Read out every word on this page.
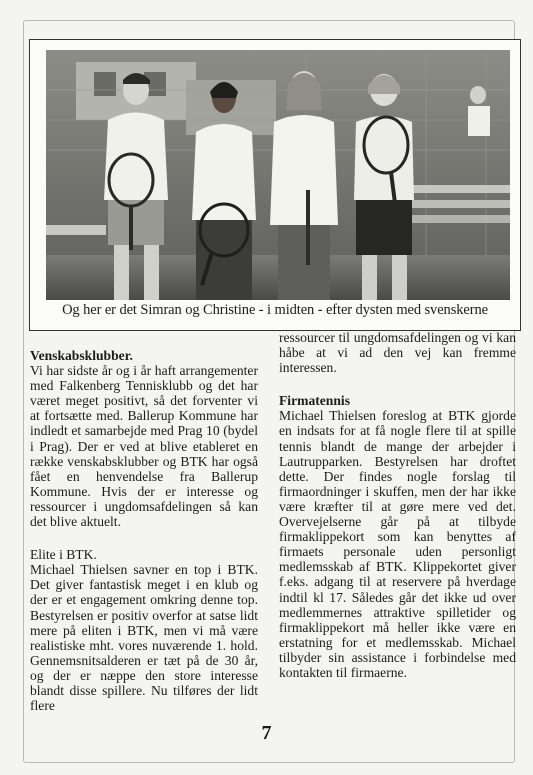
Og her er det Simran og Christine - i midten - efter dysten med svenskerne

Venskabsklubber.

Vi har sidste år og i år haft arrangementer med Falkenberg Tennisklubb og det har været meget positivt, så det forventer vi at fortsætte med. Ballerup Kommune har indledt et samarbejde med Prag 10 (bydel i Prag). Der er ved at blive etableret en række venskabsklubber og BTK har også fået en henvendelse fra Ballerup Kommune. Hvis der er interesse og ressourcer i ungdomsafdelingen så kan det blive aktuelt.

Elite i BTK.

Michael Thielsen savner en top i BTK. Det giver fantastisk meget i en klub og der er et engagement omkring denne top. Bestyrelsen er positiv overfor at satse lidt mere på eliten i BTK, men vi må være realistiske mht. vores nuværende 1. hold. Gennemsnitsalderen er tæt på de 30 år, og der er næppe den store interesse blandt disse spillere. Nu tilføres der lidt flere

ressourcer til ungdomsafdelingen og vi kan håbe at vi ad den vej kan fremme interessen.

Firmatennis

Michael Thielsen foreslog at BTK gjorde en indsats for at få nogle flere til at spille tennis blandt de mange der arbejder i Lautrupparken. Bestyrelsen har droftet dette. Der findes nogle forslag til firmaordninger i skuffen, men der har ikke være kræfter til at gøre mere ved det. Overvejelserne går på at tilbyde firmaklippekort som kan benyttes af firmaets personale uden personligt medlemsskab af BTK. Klippekortet giver f.eks. adgang til at reservere på hverdage indtil kl 17. Således går det ikke ud over medlemmernes attraktive spilletider og firmaklippekort må heller ikke være en erstatning for et medlemsskab. Michael tilbyder sin assistance i forbindelse med kontakten til firmaerne.

7
